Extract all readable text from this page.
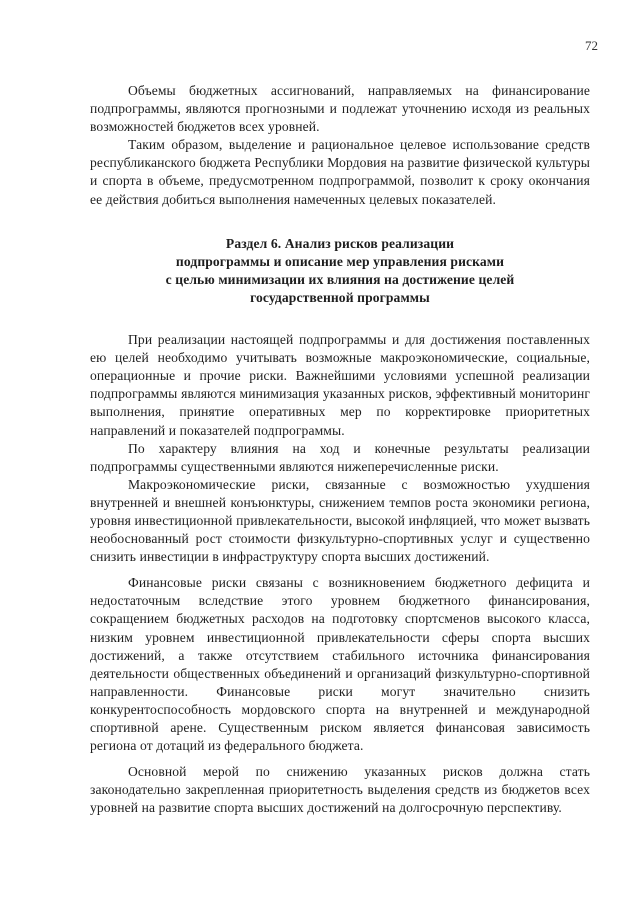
72

Объемы бюджетных ассигнований, направляемых на финансирование подпрограммы, являются прогнозными и подлежат уточнению исходя из реальных возможностей бюджетов всех уровней.

Таким образом, выделение и рациональное целевое использование средств республиканского бюджета Республики Мордовия на развитие физической культуры и спорта в объеме, предусмотренном подпрограммой, позволит к сроку окончания ее действия добиться выполнения намеченных целевых показателей.

Раздел 6. Анализ рисков реализации
подпрограммы и описание мер управления рисками
с целью минимизации их влияния на достижение целей
государственной программы

При реализации настоящей подпрограммы и для достижения поставленных ею целей необходимо учитывать возможные макроэкономические, социальные, операционные и прочие риски. Важнейшими условиями успешной реализации подпрограммы являются минимизация указанных рисков, эффективный мониторинг выполнения, принятие оперативных мер по корректировке приоритетных направлений и показателей подпрограммы.

По характеру влияния на ход и конечные результаты реализации подпрограммы существенными являются нижеперечисленные риски.

Макроэкономические риски, связанные с возможностью ухудшения внутренней и внешней конъюнктуры, снижением темпов роста экономики региона, уровня инвестиционной привлекательности, высокой инфляцией, что может вызвать необоснованный рост стоимости физкультурно-спортивных услуг и существенно снизить инвестиции в инфраструктуру спорта высших достижений.

Финансовые риски связаны с возникновением бюджетного дефицита и недостаточным вследствие этого уровнем бюджетного финансирования, сокращением бюджетных расходов на подготовку спортсменов высокого класса, низким уровнем инвестиционной привлекательности сферы спорта высших достижений, а также отсутствием стабильного источника финансирования деятельности общественных объединений и организаций физкультурно-спортивной направленности. Финансовые риски могут значительно снизить конкурентоспособность мордовского спорта на внутренней и международной спортивной арене. Существенным риском является финансовая зависимость региона от дотаций из федерального бюджета.

Основной мерой по снижению указанных рисков должна стать законодательно закрепленная приоритетность выделения средств из бюджетов всех уровней на развитие спорта высших достижений на долгосрочную перспективу.
